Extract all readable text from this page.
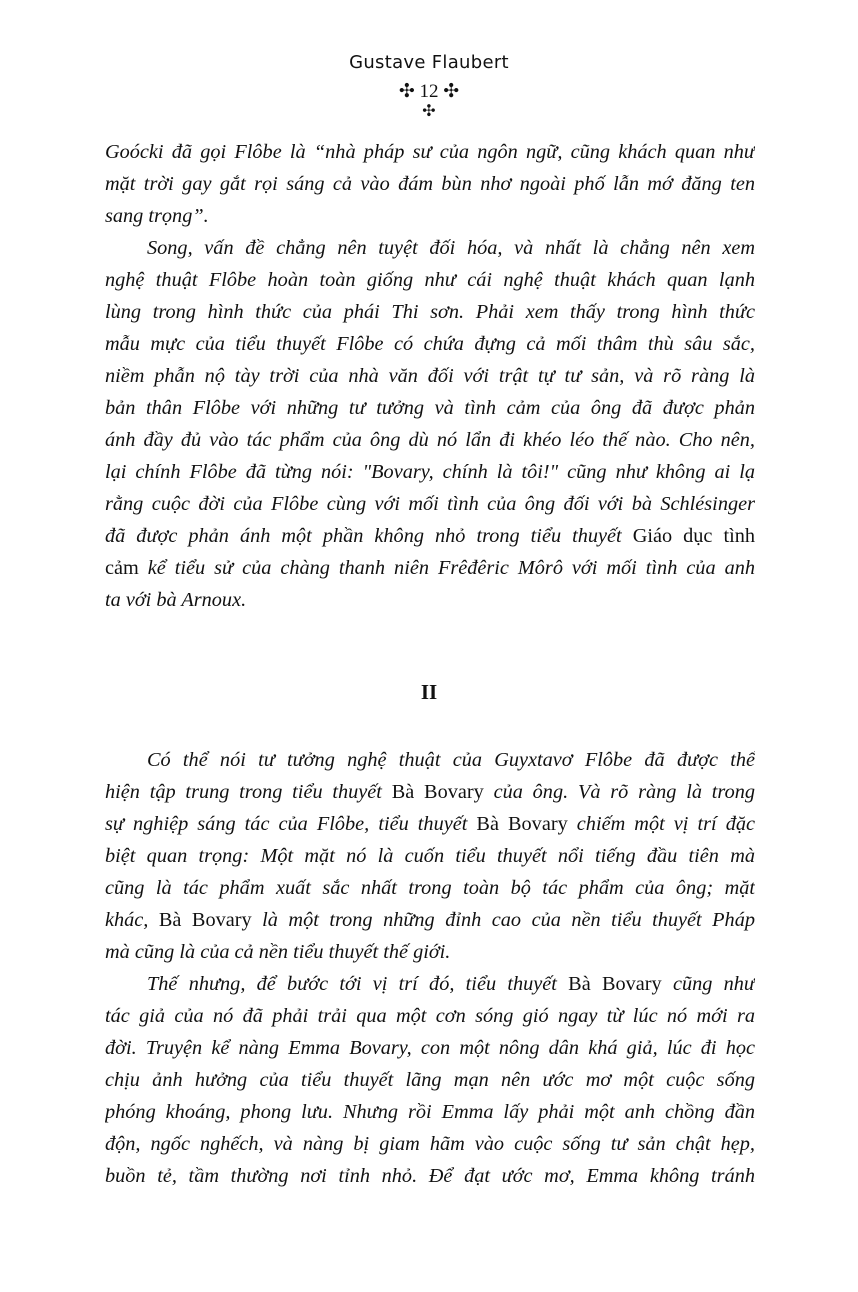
Gustave Flaubert
✣ 12 ✣
✣
Goócki đã gọi Flôbe là “nhà pháp sư của ngôn ngữ, cũng khách quan như
mặt trời gay gắt rọi sáng cả vào đám bùn nhơ ngoài phố lẫn mớ đăng ten
sang trọng”.
Song, vấn đề chẳng nên tuyệt đối hóa, và nhất là chẳng nên xem
nghệ thuật Flôbe hoàn toàn giống như cái nghệ thuật khách quan lạnh
lùng trong hình thức của phái Thi sơn. Phải xem thấy trong hình thức
mẫu mực của tiểu thuyết Flôbe có chứa đựng cả mối thâm thù sâu sắc,
niềm phẫn nộ tày trời của nhà văn đối với trật tự tư sản, và rõ ràng là
bản thân Flôbe với những tư tưởng và tình cảm của ông đã được phản
ánh đầy đủ vào tác phẩm của ông dù nó lẩn đi khéo léo thế nào. Cho nên,
lại chính Flôbe đã từng nói: "Bovary, chính là tôi!" cũng như không ai lạ
rằng cuộc đời của Flôbe cùng với mối tình của ông đối với bà Schlésinger
đã được phản ánh một phần không nhỏ trong tiểu thuyết Giáo dục tình
cảm kể tiểu sử của chàng thanh niên Frêđêric Môrô với mối tình của anh
ta với bà Arnoux.
II
Có thể nói tư tưởng nghệ thuật của Guyxtavơ Flôbe đã được thể
hiện tập trung trong tiểu thuyết Bà Bovary của ông. Và rõ ràng là trong
sự nghiệp sáng tác của Flôbe, tiểu thuyết Bà Bovary chiếm một vị trí đặc
biệt quan trọng: Một mặt nó là cuốn tiểu thuyết nổi tiếng đầu tiên mà
cũng là tác phẩm xuất sắc nhất trong toàn bộ tác phẩm của ông; mặt
khác, Bà Bovary là một trong những đỉnh cao của nền tiểu thuyết Pháp
mà cũng là của cả nền tiểu thuyết thế giới.
Thế nhưng, để bước tới vị trí đó, tiểu thuyết Bà Bovary cũng như
tác giả của nó đã phải trải qua một cơn sóng gió ngay từ lúc nó mới ra
đời. Truyện kể nàng Emma Bovary, con một nông dân khá giả, lúc đi học
chịu ảnh hưởng của tiểu thuyết lãng mạn nên ước mơ một cuộc sống
phóng khoáng, phong lưu. Nhưng rồi Emma lấy phải một anh chồng đần
độn, ngốc nghếch, và nàng bị giam hãm vào cuộc sống tư sản chật hẹp,
buồn tẻ, tầm thường nơi tỉnh nhỏ. Để đạt ước mơ, Emma không tránh
